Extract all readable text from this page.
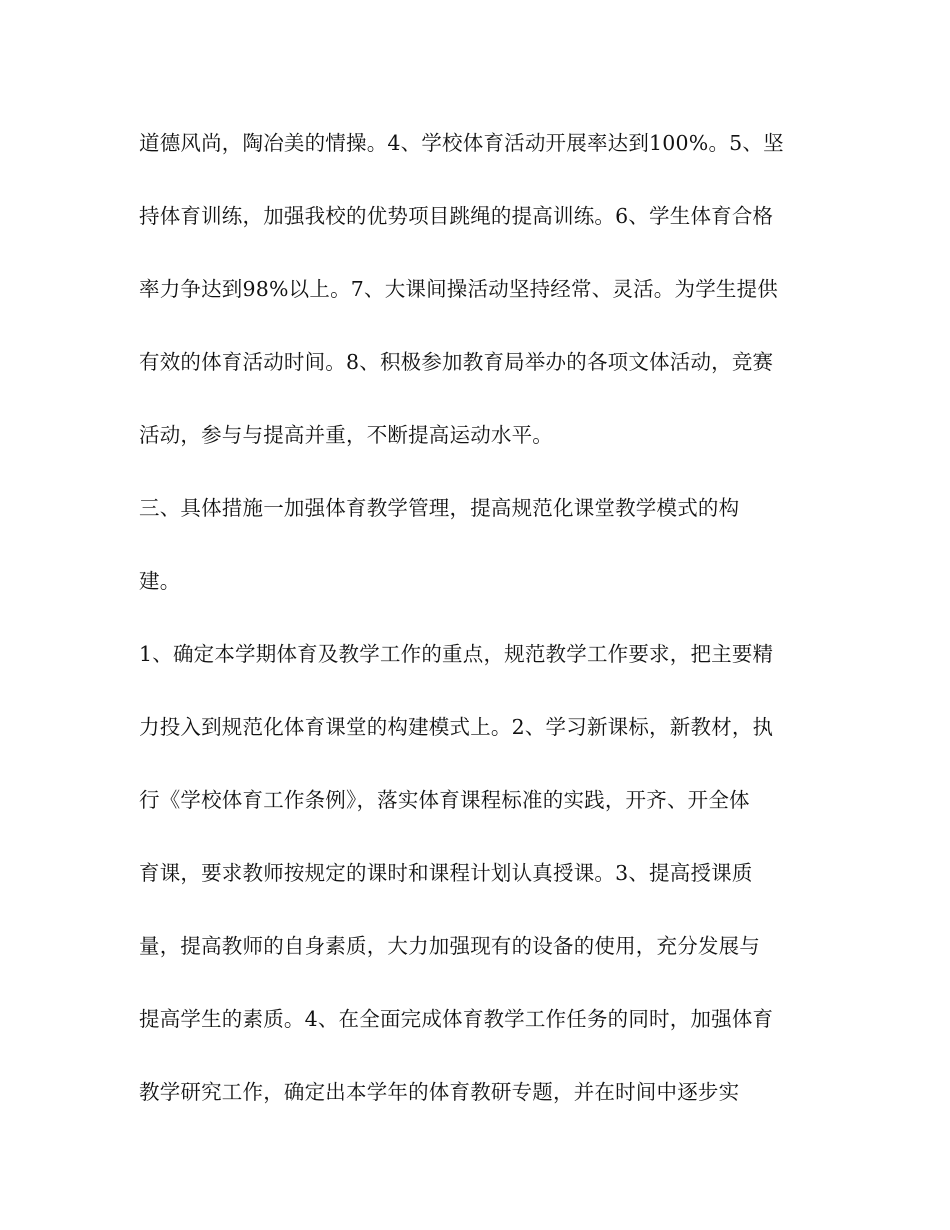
道德风尚，陶冶美的情操。4、学校体育活动开展率达到100%。5、坚
持体育训练，加强我校的优势项目跳绳的提高训练。6、学生体育合格
率力争达到98%以上。7、大课间操活动坚持经常、灵活。为学生提供
有效的体育活动时间。8、积极参加教育局举办的各项文体活动，竞赛
活动，参与与提高并重，不断提高运动水平。
三、具体措施一加强体育教学管理，提高规范化课堂教学模式的构
建。
1、确定本学期体育及教学工作的重点，规范教学工作要求，把主要精
力投入到规范化体育课堂的构建模式上。2、学习新课标，新教材，执
行《学校体育工作条例》，落实体育课程标准的实践，开齐、开全体
育课，要求教师按规定的课时和课程计划认真授课。3、提高授课质
量，提高教师的自身素质，大力加强现有的设备的使用，充分发展与
提高学生的素质。4、在全面完成体育教学工作任务的同时，加强体育
教学研究工作，确定出本学年的体育教研专题，并在时间中逐步实
